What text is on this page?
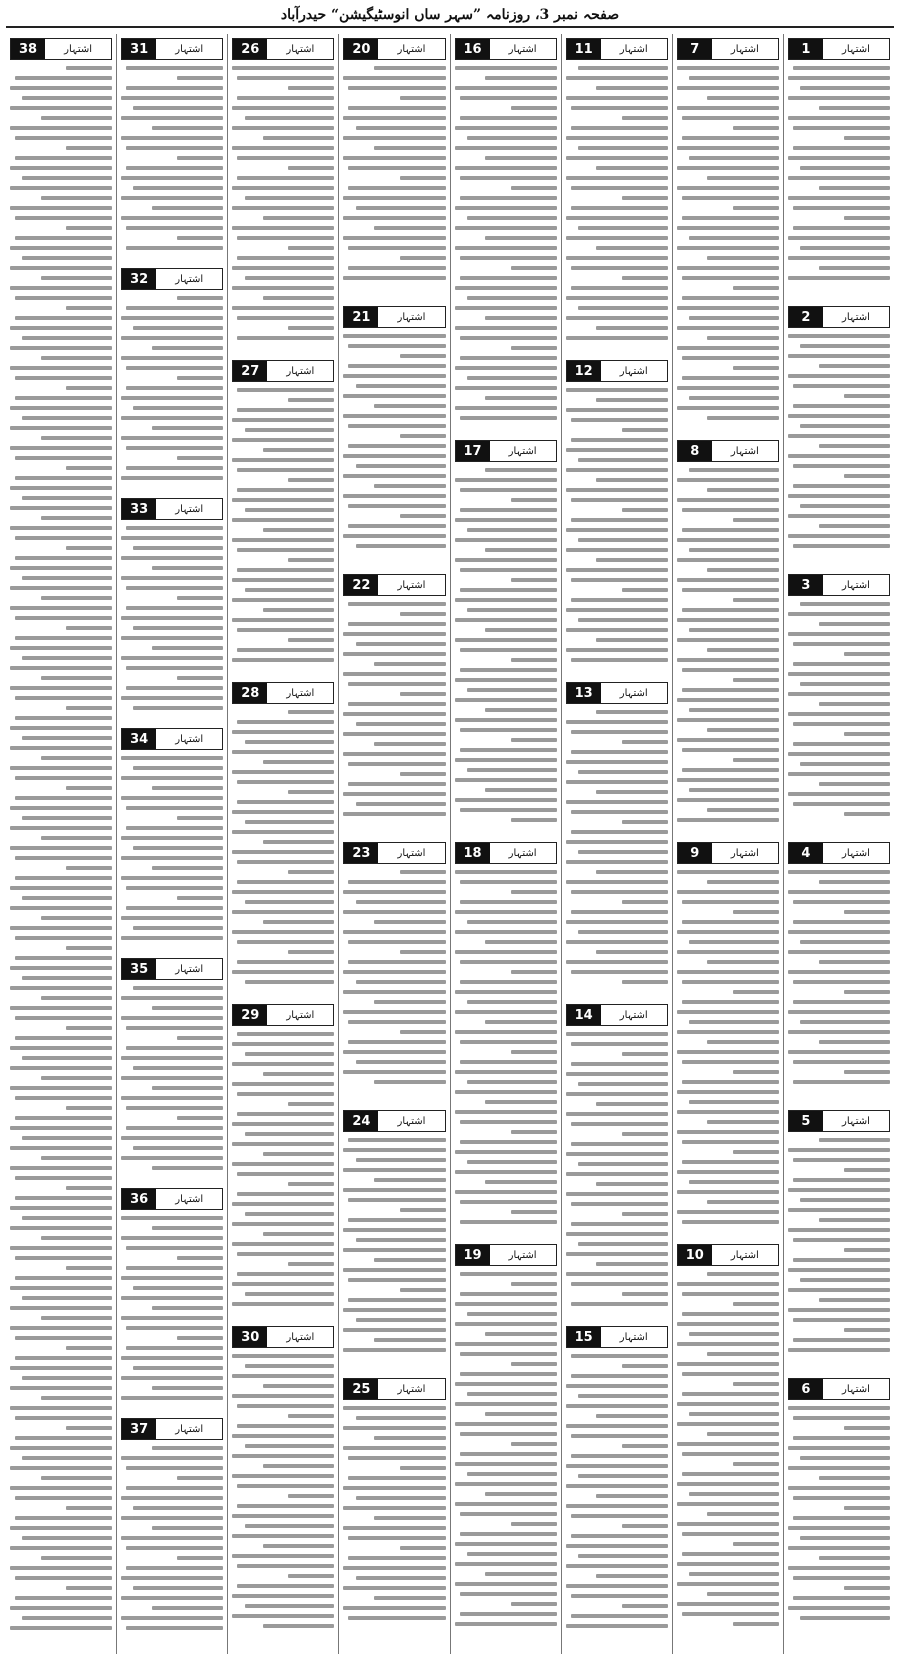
صفحہ نمبر 3، روزنامہ ”سہر ساں انوسٹیگیشن“ حیدرآباد
1	اشتہار
2	اشتہار
3	اشتہار
4	اشتہار
5	اشتہار
6	اشتہار
7	اشتہار
8	اشتہار
9	اشتہار
10	اشتہار
11	اشتہار
12	اشتہار
13	اشتہار
14	اشتہار
15	اشتہار
16	اشتہار
17	اشتہار
18	اشتہار
19	اشتہار
20	اشتہار
21	اشتہار
22	اشتہار
23	اشتہار
24	اشتہار
25	اشتہار
26	اشتہار
27	اشتہار
28	اشتہار
29	اشتہار
30	اشتہار
31	اشتہار
32	اشتہار
33	اشتہار
34	اشتہار
35	اشتہار
36	اشتہار
37	اشتہار
38	اشتہار
